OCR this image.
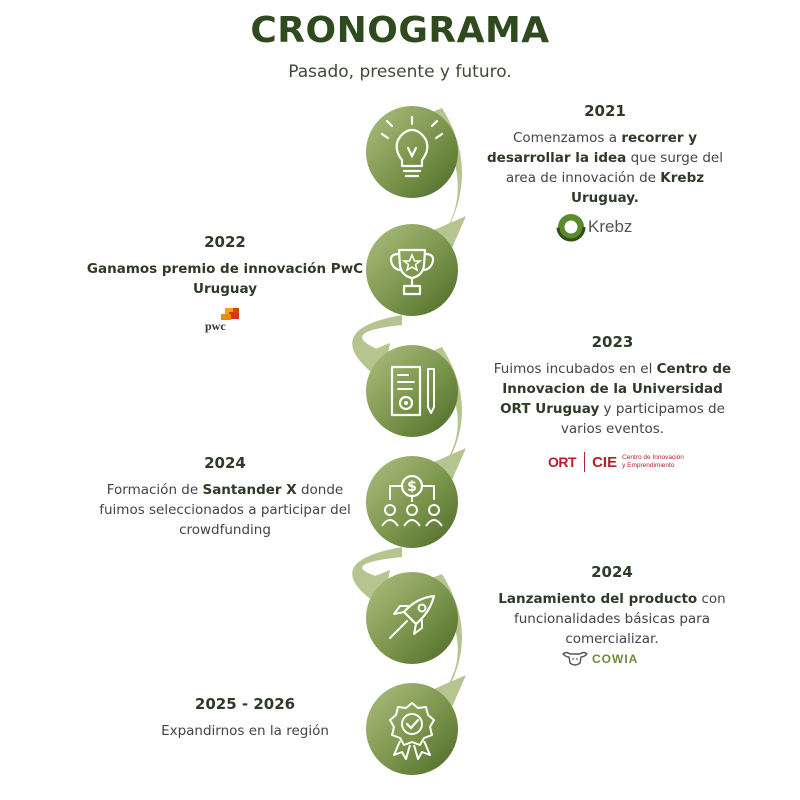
CRONOGRAMA
Pasado, presente y futuro.
$
2021
Comenzamos a recorrer y desarrollar la idea que surge del area de innovación de Krebz Uruguay.
2022
Ganamos premio de innovación PwC Uruguay
2023
Fuimos incubados en el Centro de Innovacion de la Universidad ORT Uruguay y participamos de varios eventos.
2024
Formación de Santander X donde fuimos seleccionados a participar del crowdfunding
2024
Lanzamiento del producto con funcionalidades básicas para comercializar.
2025 - 2026
Expandirnos en la región
Krebz
pwc
ORT CIE Centro de Innovación
y Emprendimiento
COWIA
